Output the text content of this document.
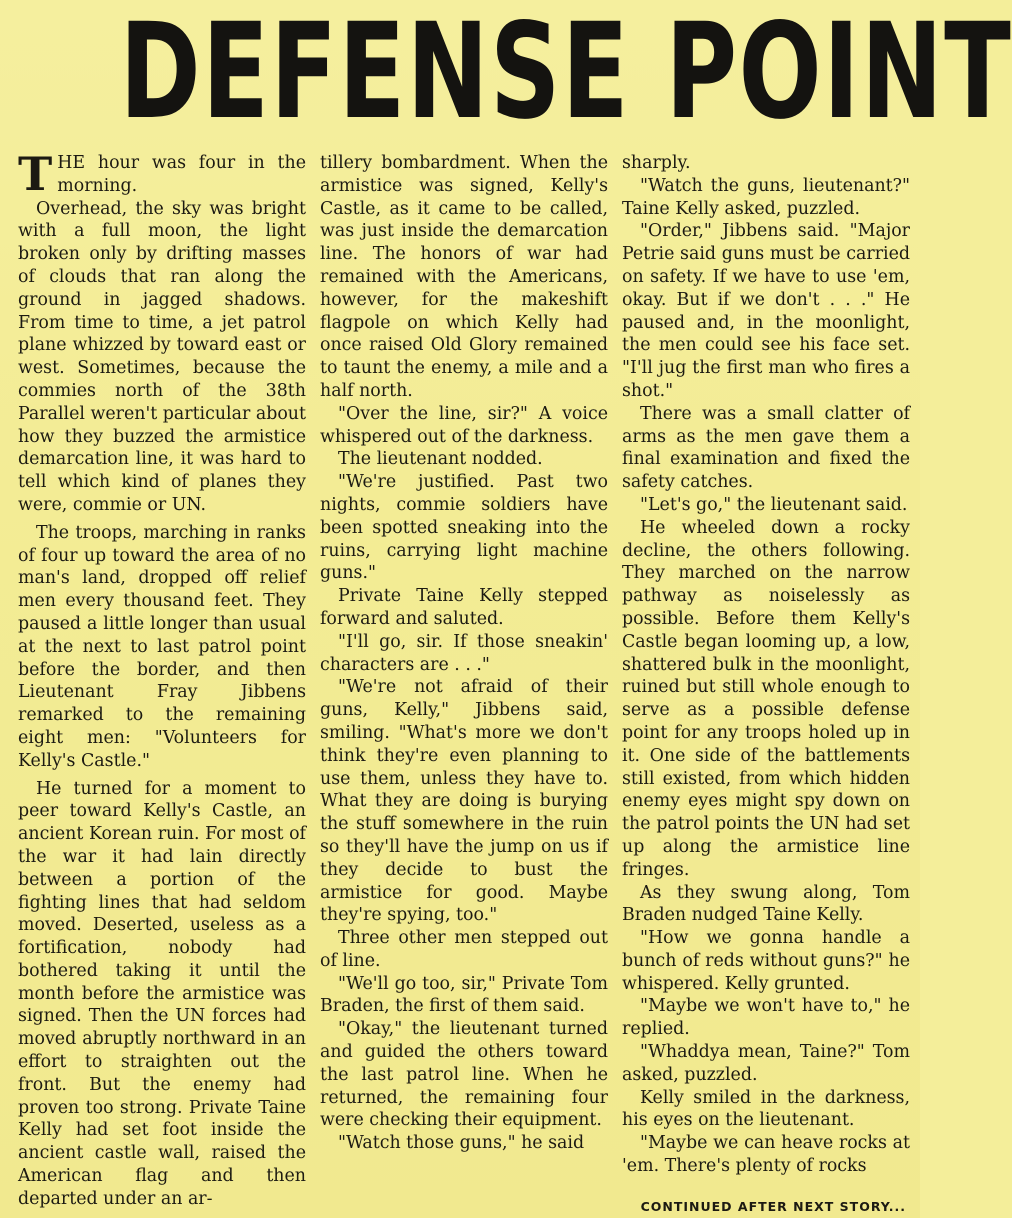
DEFENSE POINT

THE hour was four in the morning.

Overhead, the sky was bright with a full moon, the light broken only by drifting masses of clouds that ran along the ground in jagged shadows. From time to time, a jet patrol plane whizzed by toward east or west. Sometimes, because the commies north of the 38th Parallel weren't particular about how they buzzed the armistice demarcation line, it was hard to tell which kind of planes they were, commie or UN.

The troops, marching in ranks of four up toward the area of no man's land, dropped off relief men every thousand feet. They paused a little longer than usual at the next to last patrol point before the border, and then Lieutenant Fray Jibbens remarked to the remaining eight men: "Volunteers for Kelly's Castle."

He turned for a moment to peer toward Kelly's Castle, an ancient Korean ruin. For most of the war it had lain directly between a portion of the fighting lines that had seldom moved. Deserted, useless as a fortification, nobody had bothered taking it until the month before the armistice was signed. Then the UN forces had moved abruptly northward in an effort to straighten out the front. But the enemy had proven too strong. Private Taine Kelly had set foot inside the ancient castle wall, raised the American flag and then departed under an ar-

tillery bombardment. When the armistice was signed, Kelly's Castle, as it came to be called, was just inside the demarcation line. The honors of war had remained with the Americans, however, for the makeshift flagpole on which Kelly had once raised Old Glory remained to taunt the enemy, a mile and a half north.

"Over the line, sir?" A voice whispered out of the darkness.

The lieutenant nodded.

"We're justified. Past two nights, commie soldiers have been spotted sneaking into the ruins, carrying light machine guns."

Private Taine Kelly stepped forward and saluted.

"I'll go, sir. If those sneakin' characters are . . ."

"We're not afraid of their guns, Kelly," Jibbens said, smiling. "What's more we don't think they're even planning to use them, unless they have to. What they are doing is burying the stuff somewhere in the ruin so they'll have the jump on us if they decide to bust the armistice for good. Maybe they're spying, too."

Three other men stepped out of line.

"We'll go too, sir," Private Tom Braden, the first of them said.

"Okay," the lieutenant turned and guided the others toward the last patrol line. When he returned, the remaining four were checking their equipment.

"Watch those guns," he said

sharply.

"Watch the guns, lieutenant?" Taine Kelly asked, puzzled.

"Order," Jibbens said. "Major Petrie said guns must be carried on safety. If we have to use 'em, okay. But if we don't . . ." He paused and, in the moonlight, the men could see his face set. "I'll jug the first man who fires a shot."

There was a small clatter of arms as the men gave them a final examination and fixed the safety catches.

"Let's go," the lieutenant said.

He wheeled down a rocky decline, the others following. They marched on the narrow pathway as noiselessly as possible. Before them Kelly's Castle began looming up, a low, shattered bulk in the moonlight, ruined but still whole enough to serve as a possible defense point for any troops holed up in it. One side of the battlements still existed, from which hidden enemy eyes might spy down on the patrol points the UN had set up along the armistice line fringes.

As they swung along, Tom Braden nudged Taine Kelly.

"How we gonna handle a bunch of reds without guns?" he whispered. Kelly grunted.

"Maybe we won't have to," he replied.

"Whaddya mean, Taine?" Tom asked, puzzled.

Kelly smiled in the darkness, his eyes on the lieutenant.

"Maybe we can heave rocks at 'em. There's plenty of rocks

CONTINUED AFTER NEXT STORY...
